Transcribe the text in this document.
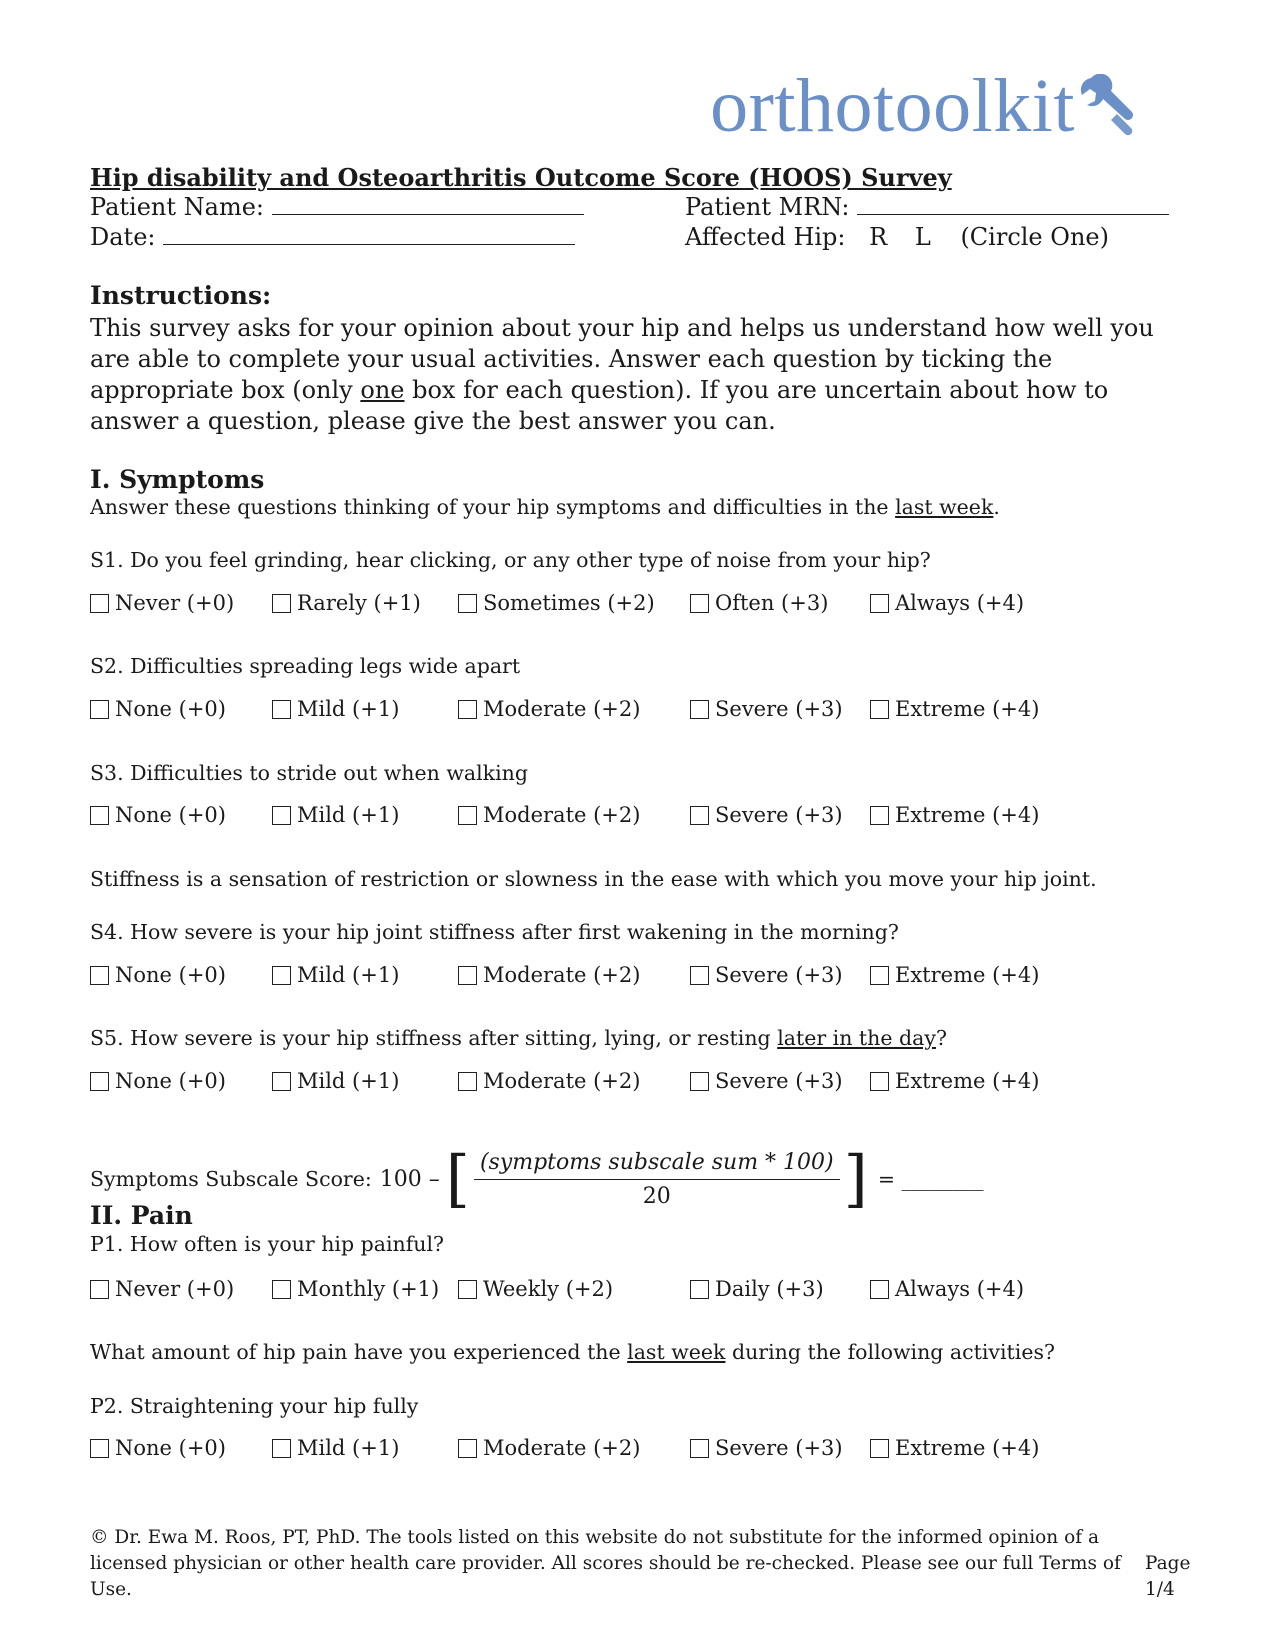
orthotoolkit
Hip disability and Osteoarthritis Outcome Score (HOOS) Survey
Patient Name:	Patient MRN:
Date:	Affected Hip: R L (Circle One)
Instructions:
This survey asks for your opinion about your hip and helps us understand how well you are able to complete your usual activities. Answer each question by ticking the appropriate box (only one box for each question). If you are uncertain about how to answer a question, please give the best answer you can.
I. Symptoms
Answer these questions thinking of your hip symptoms and difficulties in the last week.
S1. Do you feel grinding, hear clicking, or any other type of noise from your hip?
Never (+0)	Rarely (+1)	Sometimes (+2)	Often (+3)	Always (+4)
S2. Difficulties spreading legs wide apart
None (+0)	Mild (+1)	Moderate (+2)	Severe (+3) Extreme (+4)
S3. Difficulties to stride out when walking
None (+0)	Mild (+1)	Moderate (+2)	Severe (+3) Extreme (+4)
Stiffness is a sensation of restriction or slowness in the ease with which you move your hip joint.
S4. How severe is your hip joint stiffness after first wakening in the morning?
None (+0)	Mild (+1)	Moderate (+2)	Severe (+3) Extreme (+4)
S5. How severe is your hip stiffness after sitting, lying, or resting later in the day?
None (+0)	Mild (+1)	Moderate (+2)	Severe (+3) Extreme (+4)
Symptoms Subscale Score: 100 – [ $\frac{\text{(symptoms subscale sum * 100)}}{20}$ ] = ________
II. Pain
P1. How often is your hip painful?
Never (+0)	Monthly (+1) Weekly (+2)	Daily (+3)	Always (+4)
What amount of hip pain have you experienced the last week during the following activities?
P2. Straightening your hip fully
None (+0)	Mild (+1)	Moderate (+2)	Severe (+3) Extreme (+4)
© Dr. Ewa M. Roos, PT, PhD. The tools listed on this website do not substitute for the informed opinion of a licensed physician or other health care provider. All scores should be re-checked. Please see our full Terms of Use.
Page 1/4
